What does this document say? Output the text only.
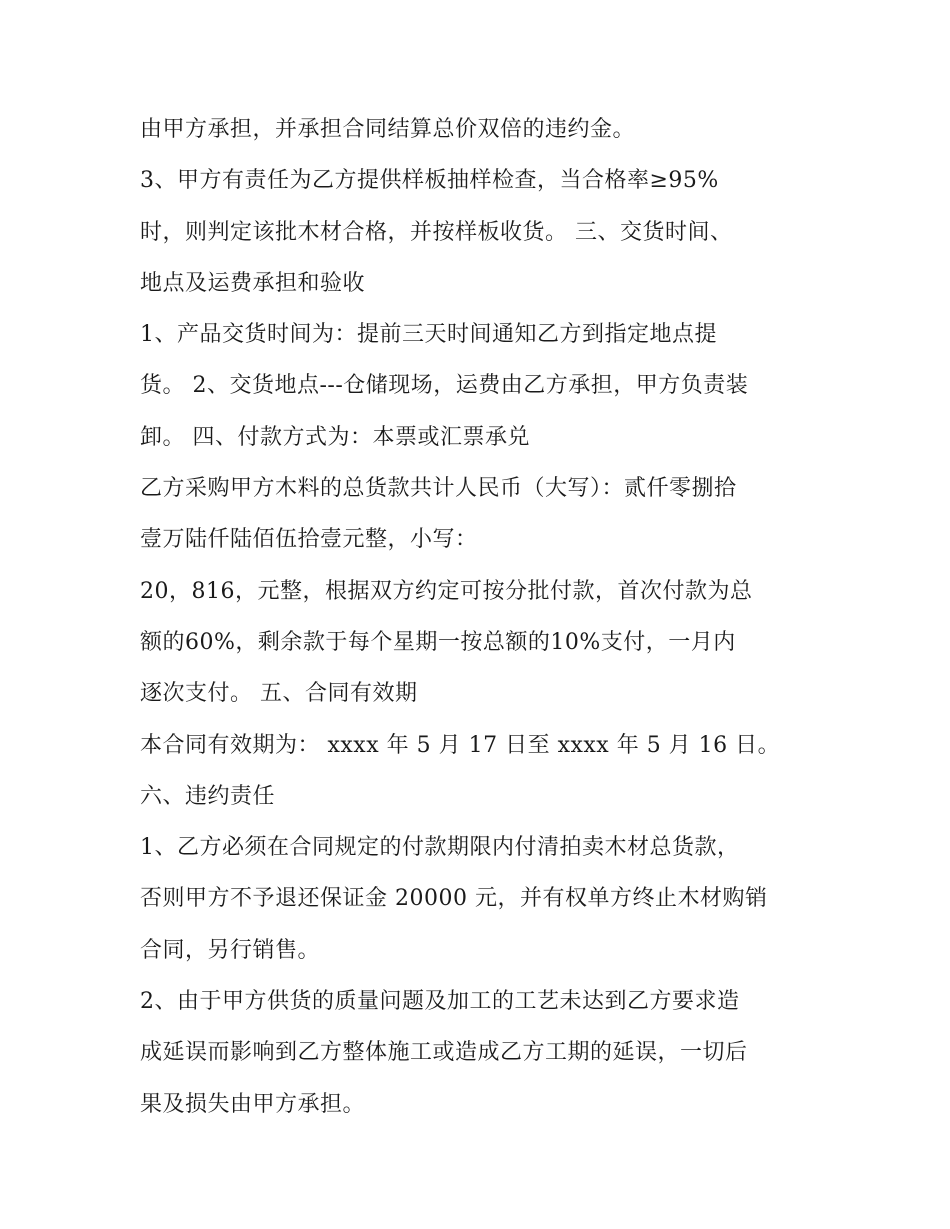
由甲方承担，并承担合同结算总价双倍的违约金。
3、甲方有责任为乙方提供样板抽样检查，当合格率≥95%
时，则判定该批木材合格，并按样板收货。 三、交货时间、
地点及运费承担和验收
1、产品交货时间为：提前三天时间通知乙方到指定地点提
货。 2、交货地点---仓储现场，运费由乙方承担，甲方负责装
卸。 四、付款方式为：本票或汇票承兑
乙方采购甲方木料的总货款共计人民币（大写）：贰仟零捌拾
壹万陆仟陆佰伍拾壹元整，小写：
20，816，元整，根据双方约定可按分批付款，首次付款为总
额的60%，剩余款于每个星期一按总额的10%支付，一月内
逐次支付。 五、合同有效期
本合同有效期为： xxxx 年 5 月 17 日至 xxxx 年 5 月 16 日。
六、违约责任
1、乙方必须在合同规定的付款期限内付清拍卖木材总货款，
否则甲方不予退还保证金 20000 元，并有权单方终止木材购销
合同，另行销售。
2、由于甲方供货的质量问题及加工的工艺未达到乙方要求造
成延误而影响到乙方整体施工或造成乙方工期的延误，一切后
果及损失由甲方承担。
